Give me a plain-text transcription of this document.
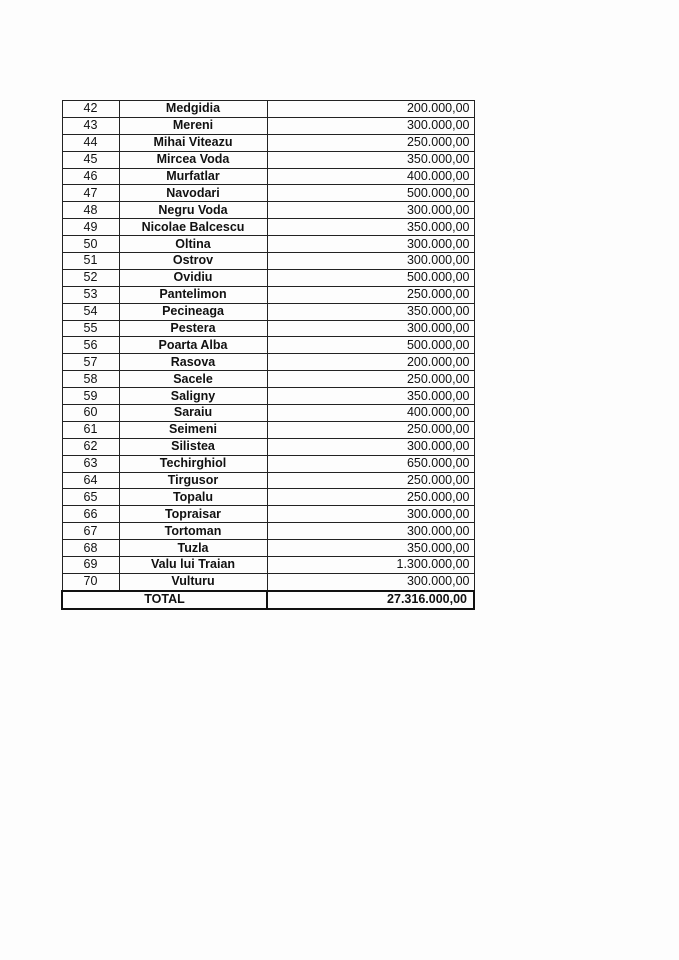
42	Medgidia	200.000,00
43	Mereni	300.000,00
44	Mihai Viteazu	250.000,00
45	Mircea Voda	350.000,00
46	Murfatlar	400.000,00
47	Navodari	500.000,00
48	Negru Voda	300.000,00
49	Nicolae Balcescu	350.000,00
50	Oltina	300.000,00
51	Ostrov	300.000,00
52	Ovidiu	500.000,00
53	Pantelimon	250.000,00
54	Pecineaga	350.000,00
55	Pestera	300.000,00
56	Poarta Alba	500.000,00
57	Rasova	200.000,00
58	Sacele	250.000,00
59	Saligny	350.000,00
60	Saraiu	400.000,00
61	Seimeni	250.000,00
62	Silistea	300.000,00
63	Techirghiol	650.000,00
64	Tirgusor	250.000,00
65	Topalu	250.000,00
66	Topraisar	300.000,00
67	Tortoman	300.000,00
68	Tuzla	350.000,00
69	Valu lui Traian	1.300.000,00
70	Vulturu	300.000,00
TOTAL		27.316.000,00
